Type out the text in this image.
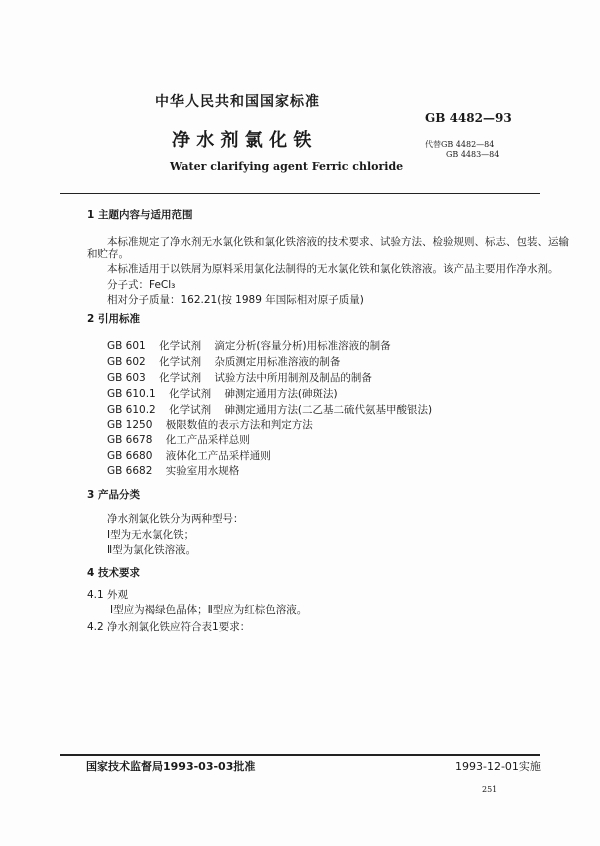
中华人民共和国国家标准
GB 4482—93
净 水 剂 氯 化 铁	代替GB 4482—84
GB 4483—84
Water clarifying agent Ferric chloride
1 主题内容与适用范围
本标准规定了净水剂无水氯化铁和氯化铁溶液的技术要求、试验方法、检验规则、标志、包装、运输
和贮存。
本标准适用于以铁屑为原料采用氯化法制得的无水氯化铁和氯化铁溶液。该产品主要用作净水剂。
分子式：FeCl₃
相对分子质量：162.21(按 1989 年国际相对原子质量)
2 引用标准
GB 601    化学试剂    滴定分析(容量分析)用标准溶液的制备
GB 602    化学试剂    杂质测定用标准溶液的制备
GB 603    化学试剂    试验方法中所用制剂及制品的制备
GB 610.1    化学试剂    砷测定通用方法(砷斑法)
GB 610.2    化学试剂    砷测定通用方法(二乙基二硫代氨基甲酸银法)
GB 1250    极限数值的表示方法和判定方法
GB 6678    化工产品采样总则
GB 6680    液体化工产品采样通则
GB 6682    实验室用水规格
3 产品分类
净水剂氯化铁分为两种型号：
Ⅰ型为无水氯化铁；
Ⅱ型为氯化铁溶液。
4 技术要求
4.1 外观
Ⅰ型应为褐绿色晶体；Ⅱ型应为红棕色溶液。
4.2 净水剂氯化铁应符合表1要求：
国家技术监督局1993-03-03批准	1993-12-01实施
251
